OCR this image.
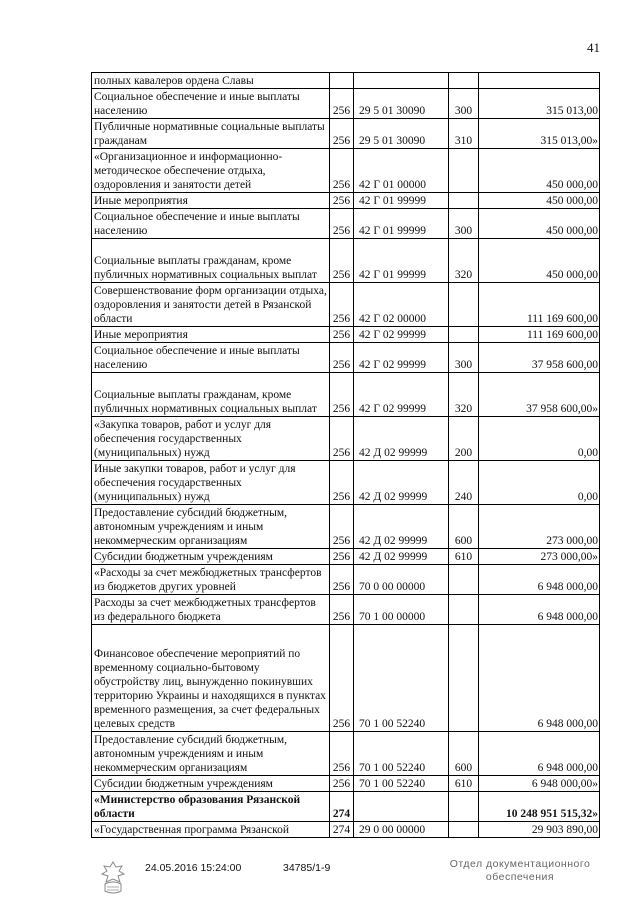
41
полных кавалеров ордена Славы				
Социальное обеспечение и иные выплаты населению	256	29 5 01 30090	300	315 013,00
Публичные нормативные социальные выплаты гражданам	256	29 5 01 30090	310	315 013,00»
«Организационное и информационно-методическое обеспечение отдыха, оздоровления и занятости детей	256	42 Г 01 00000		450 000,00
Иные мероприятия	256	42 Г 01 99999		450 000,00
Социальное обеспечение и иные выплаты населению	256	42 Г 01 99999	300	450 000,00
Социальные выплаты гражданам, кроме публичных нормативных социальных выплат	256	42 Г 01 99999	320	450 000,00
Совершенствование форм организации отдыха, оздоровления и занятости детей в Рязанской области	256	42 Г 02 00000		111 169 600,00
Иные мероприятия	256	42 Г 02 99999		111 169 600,00
Социальное обеспечение и иные выплаты населению	256	42 Г 02 99999	300	37 958 600,00
Социальные выплаты гражданам, кроме публичных нормативных социальных выплат	256	42 Г 02 99999	320	37 958 600,00»
«Закупка товаров, работ и услуг для обеспечения государственных (муниципальных) нужд	256	42 Д 02 99999	200	0,00
Иные закупки товаров, работ и услуг для обеспечения государственных (муниципальных) нужд	256	42 Д 02 99999	240	0,00
Предоставление субсидий бюджетным, автономным учреждениям и иным некоммерческим организациям	256	42 Д 02 99999	600	273 000,00
Субсидии бюджетным учреждениям	256	42 Д 02 99999	610	273 000,00»
«Расходы за счет межбюджетных трансфертов из бюджетов других уровней	256	70 0 00 00000		6 948 000,00
Расходы за счет межбюджетных трансфертов из федерального бюджета	256	70 1 00 00000		6 948 000,00
Финансовое обеспечение мероприятий по временному социально-бытовому обустройству лиц, вынужденно покинувших территорию Украины и находящихся в пунктах временного размещения, за счет федеральных целевых средств	256	70 1 00 52240		6 948 000,00
Предоставление субсидий бюджетным, автономным учреждениям и иным некоммерческим организациям	256	70 1 00 52240	600	6 948 000,00
Субсидии бюджетным учреждениям	256	70 1 00 52240	610	6 948 000,00»
«Министерство образования Рязанской области	274			10 248 951 515,32»
«Государственная программа Рязанской	274	29 0 00 00000		29 903 890,00
24.05.2016 15:24:00	34785/1-9	Отдел документационного
обеспечения
